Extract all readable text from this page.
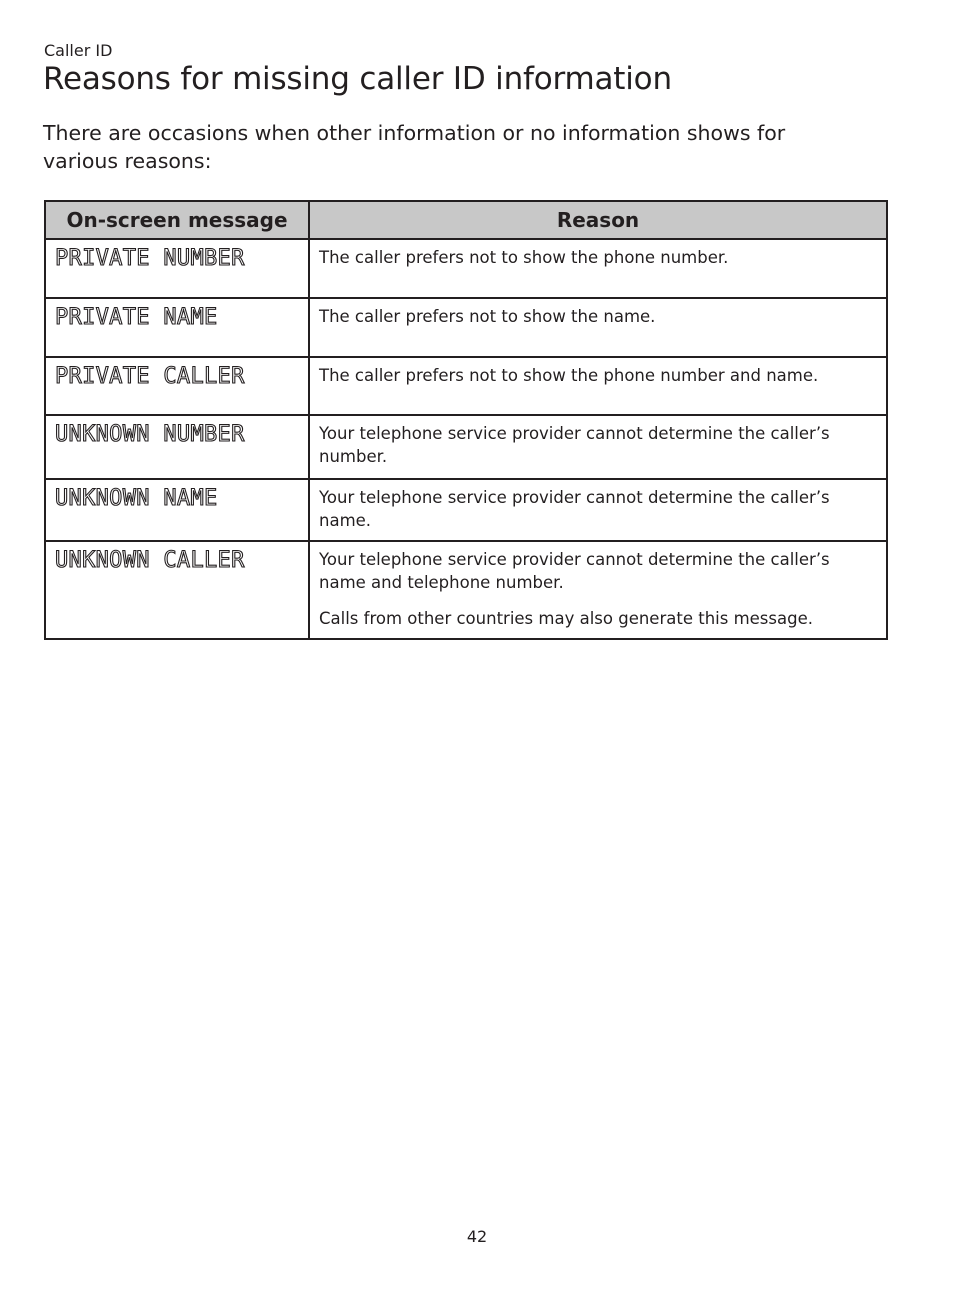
Caller ID
Reasons for missing caller ID information

There are occasions when other information or no information shows for various reasons:

On-screen message	Reason
PRIVATE NUMBER	The caller prefers not to show the phone number.

PRIVATE NAME	The caller prefers not to show the name.

PRIVATE CALLER	The caller prefers not to show the phone number and name.

UNKNOWN NUMBER	Your telephone service provider cannot determine the caller’s number.

UNKNOWN NAME	Your telephone service provider cannot determine the caller’s name.

UNKNOWN CALLER	Your telephone service provider cannot determine the caller’s name and telephone number.

Calls from other countries may also generate this message.

42
